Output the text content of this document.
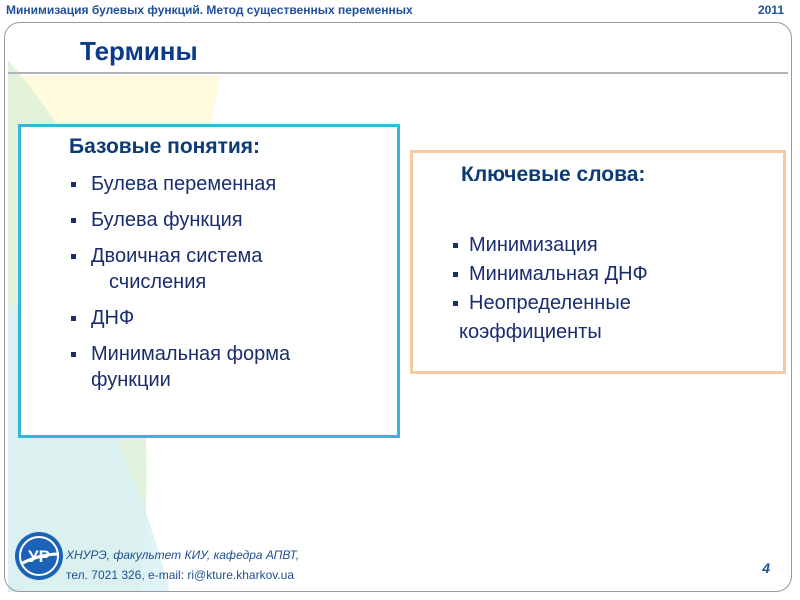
Минимизация булевых функций. Метод существенных переменных	2011
Термины
Базовые понятия:
Булева переменная
Булева функция
Двоичная система
счисления
ДНФ
Минимальная форма
функции
Ключевые слова:
Минимизация
Минимальная ДНФ
Неопределенные
коэффициенты
УР ХНУРЭ, факультет КИУ, кафедра АПВТ,
тел. 7021 326, e-mail: ri@kture.kharkov.ua	4
